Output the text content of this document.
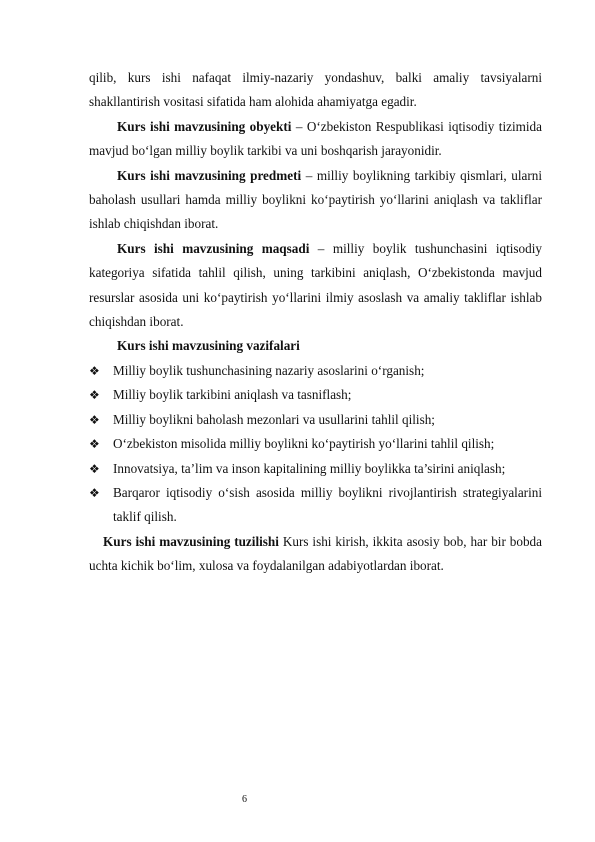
qilib, kurs ishi nafaqat ilmiy-nazariy yondashuv, balki amaliy tavsiyalarni shakllantirish vositasi sifatida ham alohida ahamiyatga egadir.

Kurs ishi mavzusining obyekti – O‘zbekiston Respublikasi iqtisodiy tizimida mavjud bo‘lgan milliy boylik tarkibi va uni boshqarish jarayonidir.

Kurs ishi mavzusining predmeti – milliy boylikning tarkibiy qismlari, ularni baholash usullari hamda milliy boylikni ko‘paytirish yo‘llarini aniqlash va takliflar ishlab chiqishdan iborat.

Kurs ishi mavzusining maqsadi – milliy boylik tushunchasini iqtisodiy kategoriya sifatida tahlil qilish, uning tarkibini aniqlash, O‘zbekistonda mavjud resurslar asosida uni ko‘paytirish yo‘llarini ilmiy asoslash va amaliy takliflar ishlab chiqishdan iborat.

Kurs ishi mavzusining vazifalari

❖ Milliy boylik tushunchasining nazariy asoslarini o‘rganish;
❖ Milliy boylik tarkibini aniqlash va tasniflash;
❖ Milliy boylikni baholash mezonlari va usullarini tahlil qilish;
❖ O‘zbekiston misolida milliy boylikni ko‘paytirish yo‘llarini tahlil qilish;
❖ Innovatsiya, ta’lim va inson kapitalining milliy boylikka ta’sirini aniqlash;
❖ Barqaror iqtisodiy o‘sish asosida milliy boylikni rivojlantirish strategiyalarini taklif qilish.

Kurs ishi mavzusining tuzilishi Kurs ishi kirish, ikkita asosiy bob, har bir bobda uchta kichik bo‘lim, xulosa va foydalanilgan adabiyotlardan iborat.

6
